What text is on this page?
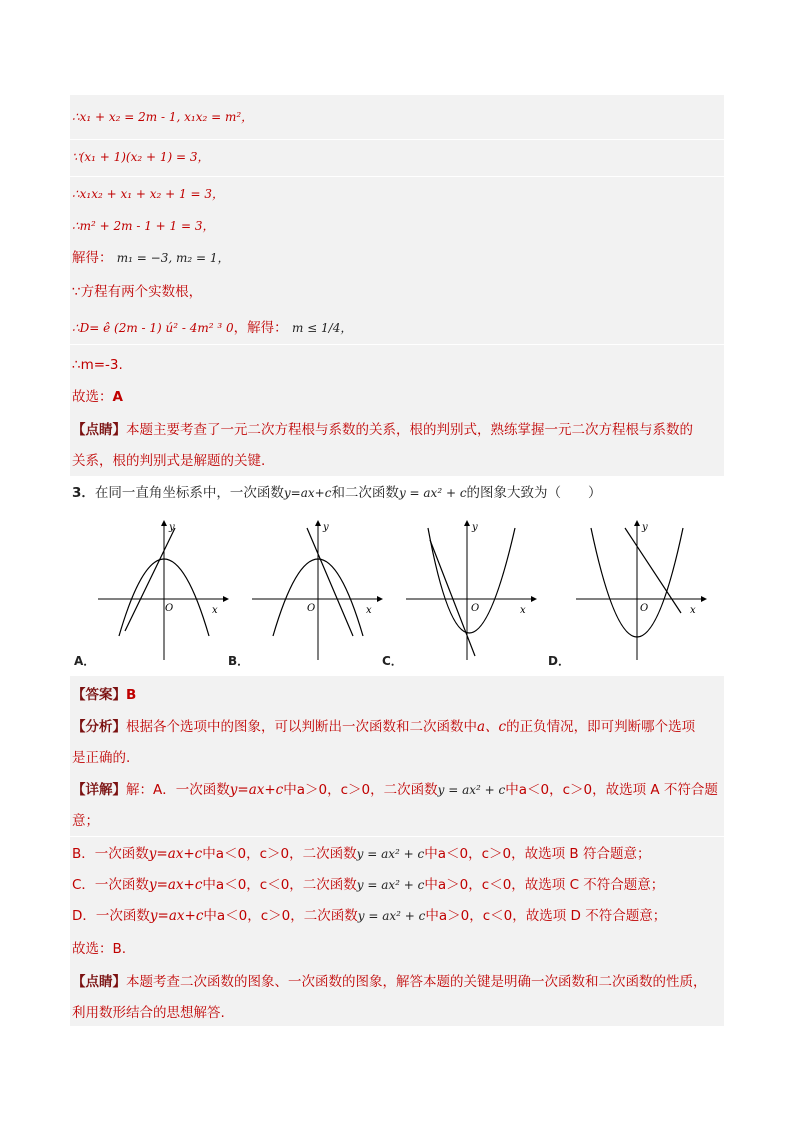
∴x₁ + x₂ = 2m - 1, x₁x₂ = m²，
∵(x₁ + 1)(x₂ + 1) = 3，
∴x₁x₂ + x₁ + x₂ + 1 = 3，
∴m² + 2m - 1 + 1 = 3，
解得： m₁ = −3, m₂ = 1，
∵方程有两个实数根，
∴D= ê (2m - 1) ú² - 4m² ³ 0，解得： m ≤ 1/4，
∴m=-3.
故选：A
【点睛】本题主要考查了一元二次方程根与系数的关系，根的判别式，熟练掌握一元二次方程根与系数的
关系，根的判别式是解题的关键.
3．在同一直角坐标系中，一次函数y=ax+c和二次函数y = ax² + c的图象大致为（　　）
y
x
O
A．
y
x
O
B．
y
x
O
C．
y
x
O
D．
【答案】B
【分析】根据各个选项中的图象，可以判断出一次函数和二次函数中a、c的正负情况，即可判断哪个选项
是正确的.
【详解】解：A．一次函数y=ax+c中a＞0，c＞0，二次函数y = ax² + c中a＜0，c＞0，故选项 A 不符合题
意；
B．一次函数y=ax+c中a＜0，c＞0，二次函数y = ax² + c中a＜0，c＞0，故选项 B 符合题意；
C．一次函数y=ax+c中a＜0，c＜0，二次函数y = ax² + c中a＞0，c＜0，故选项 C 不符合题意；
D．一次函数y=ax+c中a＜0，c＞0，二次函数y = ax² + c中a＞0，c＜0，故选项 D 不符合题意；
故选：B.
【点睛】本题考查二次函数的图象、一次函数的图象，解答本题的关键是明确一次函数和二次函数的性质，
利用数形结合的思想解答.
